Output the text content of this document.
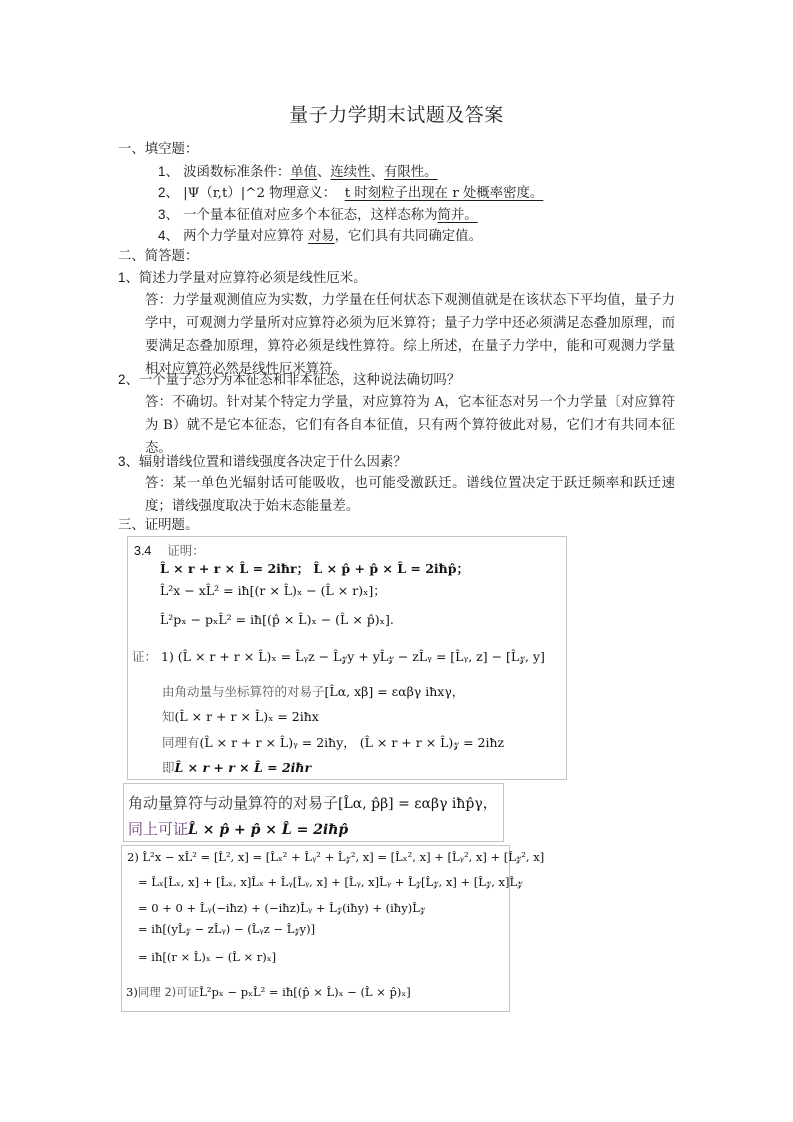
量子力学期末试题及答案
一、填空题：
1、 波函数标准条件：单值、连续性、有限性。
2、 |Ψ（r,t）|^2 物理意义： t 时刻粒子出现在 r 处概率密度。
3、 一个量本征值对应多个本征态，这样态称为简并。
4、 两个力学量对应算符 对易，它们具有共同确定值。
二、简答题：
1、简述力学量对应算符必须是线性厄米。
答：力学量观测值应为实数，力学量在任何状态下观测值就是在该状态下平均值，量子力学中，可观测力学量所对应算符必须为厄米算符；量子力学中还必须满足态叠加原理，而要满足态叠加原理，算符必须是线性算符。综上所述，在量子力学中，能和可观测力学量相对应算符必然是线性厄米算符。
2、一个量子态分为本征态和非本征态，这种说法确切吗？
答：不确切。针对某个特定力学量，对应算符为 A，它本征态对另一个力学量〔对应算符为 B）就不是它本征态，它们有各自本征值，只有两个算符彼此对易，它们才有共同本征态。
3、辐射谱线位置和谱线强度各决定于什么因素？
答：某一单色光辐射话可能吸收，也可能受激跃迁。谱线位置决定于跃迁频率和跃迁速度；谱线强度取决于始末态能量差。
三、证明题。
3.4 证明：
L̂ × r + r × L̂ = 2iħr； L̂ × p̂ + p̂ × L̂ = 2iħp̂；
L̂²x − xL̂² = iħ[(r × L̂)ₓ − (L̂ × r)ₓ]；
L̂²pₓ − pₓL̂² = iħ[(p̂ × L̂)ₓ − (L̂ × p̂)ₓ].
证： 1) (L̂ × r + r × L̂)ₓ = L̂ᵧz − L̂𝓏y + yL̂𝓏 − zL̂ᵧ = [L̂ᵧ, z] − [L̂𝓏, y]
由角动量与坐标算符的对易子[L̂α, xβ] = εαβγ iħxγ，
知(L̂ × r + r × L̂)ₓ = 2iħx
同理有(L̂ × r + r × L̂)ᵧ = 2iħy， (L̂ × r + r × L̂)𝓏 = 2iħz
即L̂ × r + r × L̂ = 2iħr
角动量算符与动量算符的对易子[L̂α, p̂β] = εαβγ iħp̂γ，
同上可证L̂ × p̂ + p̂ × L̂ = 2iħp̂
2) L̂²x − xL̂² = [L̂², x] = [L̂ₓ² + L̂ᵧ² + L̂𝓏², x] = [L̂ₓ², x] + [L̂ᵧ², x] + [L̂𝓏², x]
= L̂ₓ[L̂ₓ, x] + [L̂ₓ, x]L̂ₓ + L̂ᵧ[L̂ᵧ, x] + [L̂ᵧ, x]L̂ᵧ + L̂𝓏[L̂𝓏, x] + [L̂𝓏, x]L̂𝓏
= 0 + 0 + L̂ᵧ(−iħz) + (−iħz)L̂ᵧ + L̂𝓏(iħy) + (iħy)L̂𝓏
= iħ[(yL̂𝓏 − zL̂ᵧ) − (L̂ᵧz − L̂𝓏y)]
= iħ[(r × L̂)ₓ − (L̂ × r)ₓ]
3)同理 2)可证L̂²pₓ − pₓL̂² = iħ[(p̂ × L̂)ₓ − (L̂ × p̂)ₓ]
